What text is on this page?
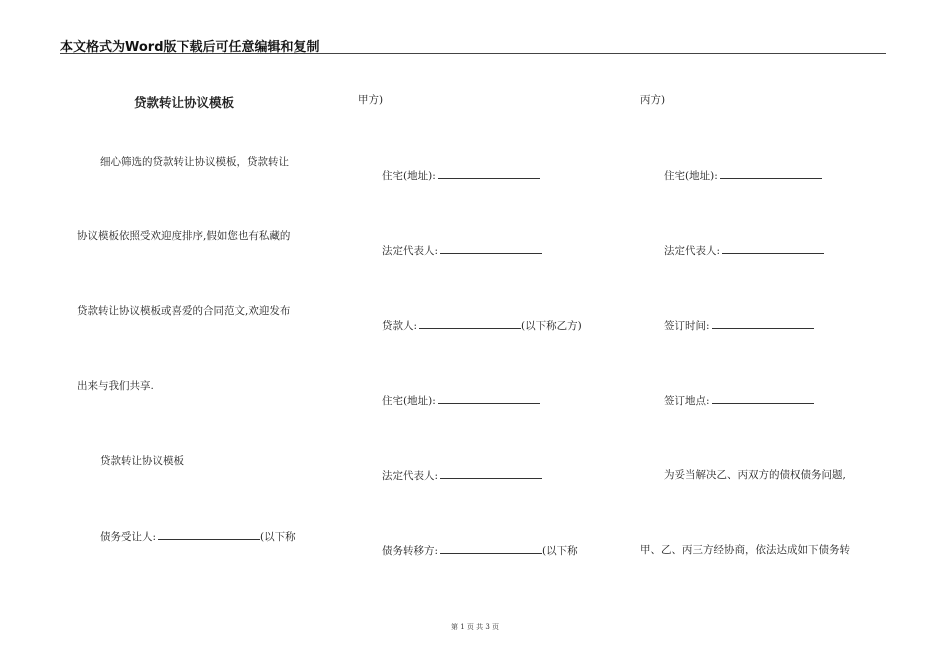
本文格式为Word版下载后可任意编辑和复制
贷款转让协议模板
细心筛选的贷款转让协议模板，贷款转让
协议模板依照受欢迎度排序,假如您也有私藏的
贷款转让协议模板或喜爱的合同范文,欢迎发布
出来与我们共享.
贷款转让协议模板
债务受让人:	(以下称
甲方)
住宅(地址):
法定代表人:
贷款人:	(以下称乙方)
住宅(地址):
法定代表人:
债务转移方:	(以下称
丙方)
住宅(地址):
法定代表人:
签订时间:
签订地点:
为妥当解决乙、丙双方的债权债务问题,
甲、乙、丙三方经协商，依法达成如下债务转
第 1 页 共 3 页
